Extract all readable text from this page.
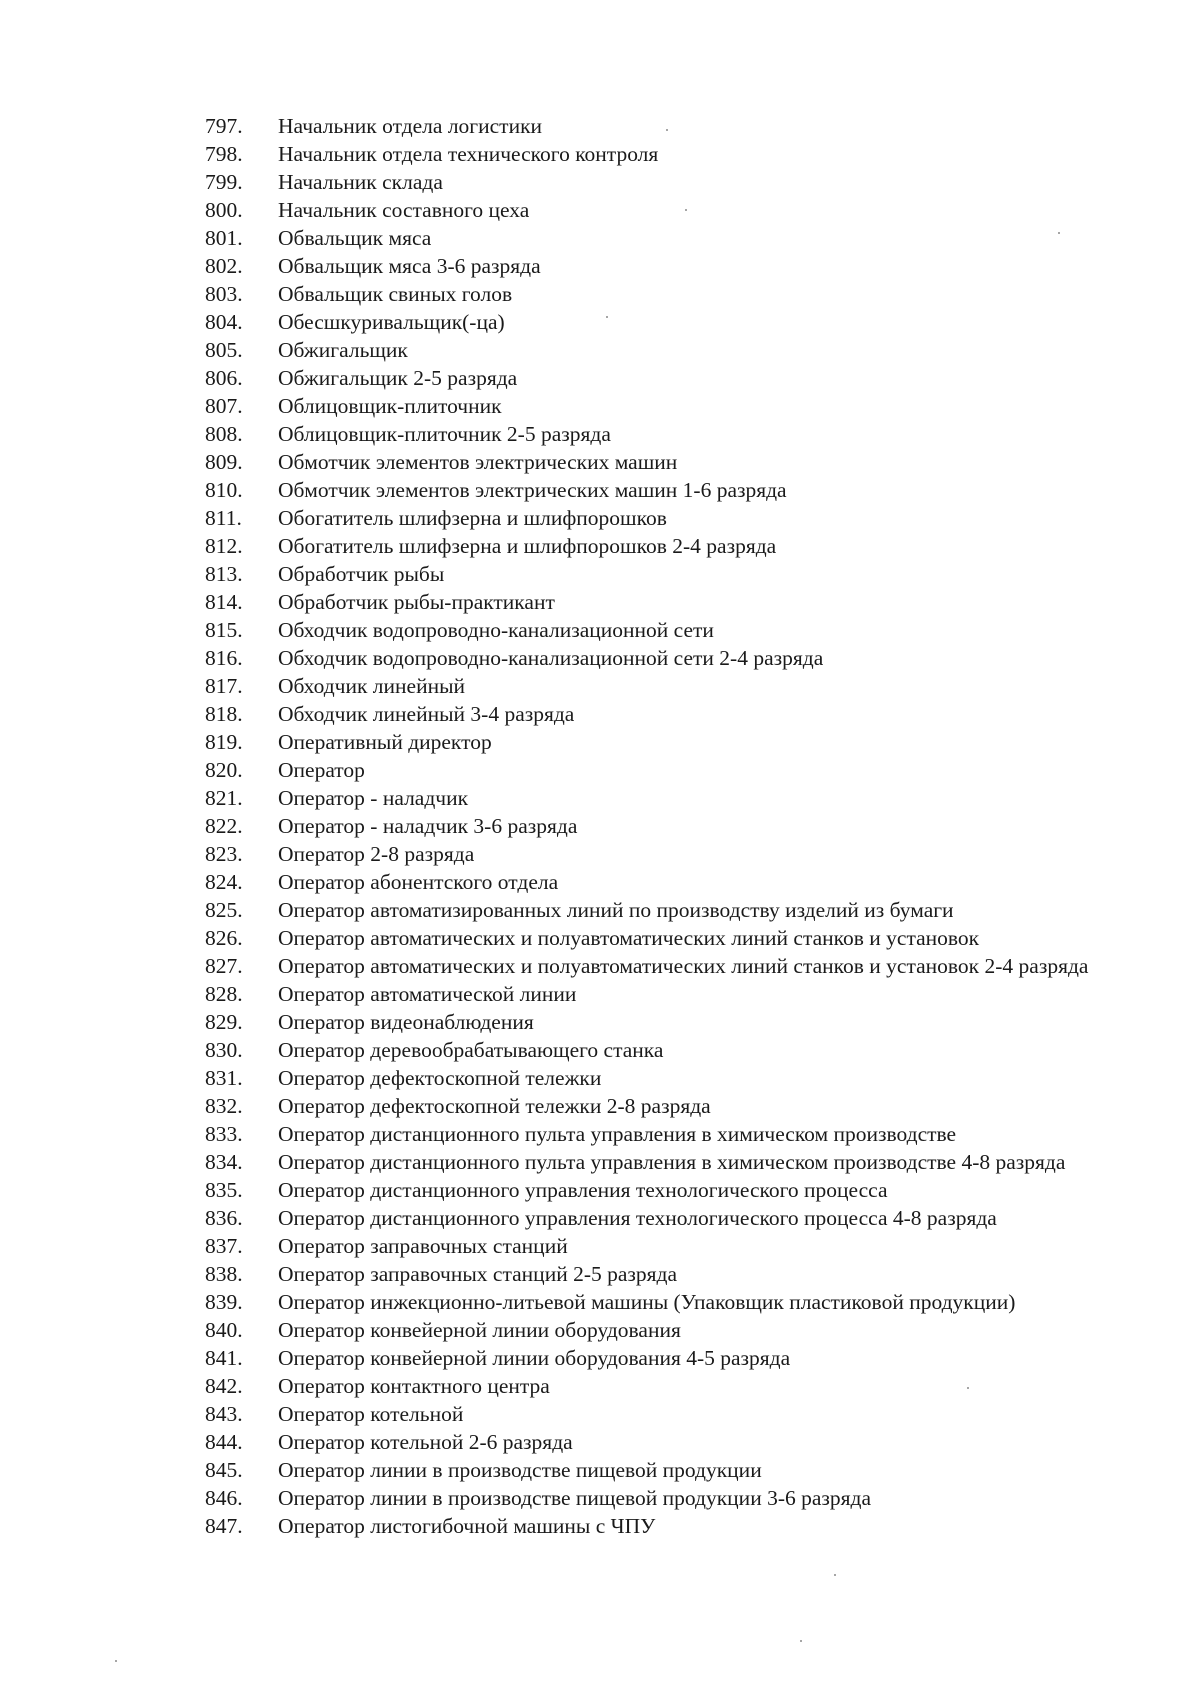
797.	Начальник отдела логистики
798.	Начальник отдела технического контроля
799.	Начальник склада
800.	Начальник составного цеха
801.	Обвальщик мяса
802.	Обвальщик мяса 3-6 разряда
803.	Обвальщик свиных голов
804.	Обесшкуривальщик(-ца)
805.	Обжигальщик
806.	Обжигальщик 2-5 разряда
807.	Облицовщик-плиточник
808.	Облицовщик-плиточник 2-5 разряда
809.	Обмотчик элементов электрических машин
810.	Обмотчик элементов электрических машин 1-6 разряда
811.	Обогатитель шлифзерна и шлифпорошков
812.	Обогатитель шлифзерна и шлифпорошков 2-4 разряда
813.	Обработчик рыбы
814.	Обработчик рыбы-практикант
815.	Обходчик водопроводно-канализационной сети
816.	Обходчик водопроводно-канализационной сети 2-4 разряда
817.	Обходчик линейный
818.	Обходчик линейный 3-4 разряда
819.	Оперативный директор
820.	Оператор
821.	Оператор - наладчик
822.	Оператор - наладчик 3-6 разряда
823.	Оператор 2-8 разряда
824.	Оператор абонентского отдела
825.	Оператор автоматизированных линий по производству изделий из бумаги
826.	Оператор автоматических и полуавтоматических линий станков и установок
827.	Оператор автоматических и полуавтоматических линий станков и установок 2-4 разряда
828.	Оператор автоматической линии
829.	Оператор видеонаблюдения
830.	Оператор деревообрабатывающего станка
831.	Оператор дефектоскопной тележки
832.	Оператор дефектоскопной тележки 2-8 разряда
833.	Оператор дистанционного пульта управления в химическом производстве
834.	Оператор дистанционного пульта управления в химическом производстве 4-8 разряда
835.	Оператор дистанционного управления технологического процесса
836.	Оператор дистанционного управления технологического процесса 4-8 разряда
837.	Оператор заправочных станций
838.	Оператор заправочных станций 2-5 разряда
839.	Оператор инжекционно-литьевой машины (Упаковщик пластиковой продукции)
840.	Оператор конвейерной линии оборудования
841.	Оператор конвейерной линии оборудования 4-5 разряда
842.	Оператор контактного центра
843.	Оператор котельной
844.	Оператор котельной 2-6 разряда
845.	Оператор линии в производстве пищевой продукции
846.	Оператор линии в производстве пищевой продукции 3-6 разряда
847.	Оператор листогибочной машины с ЧПУ
